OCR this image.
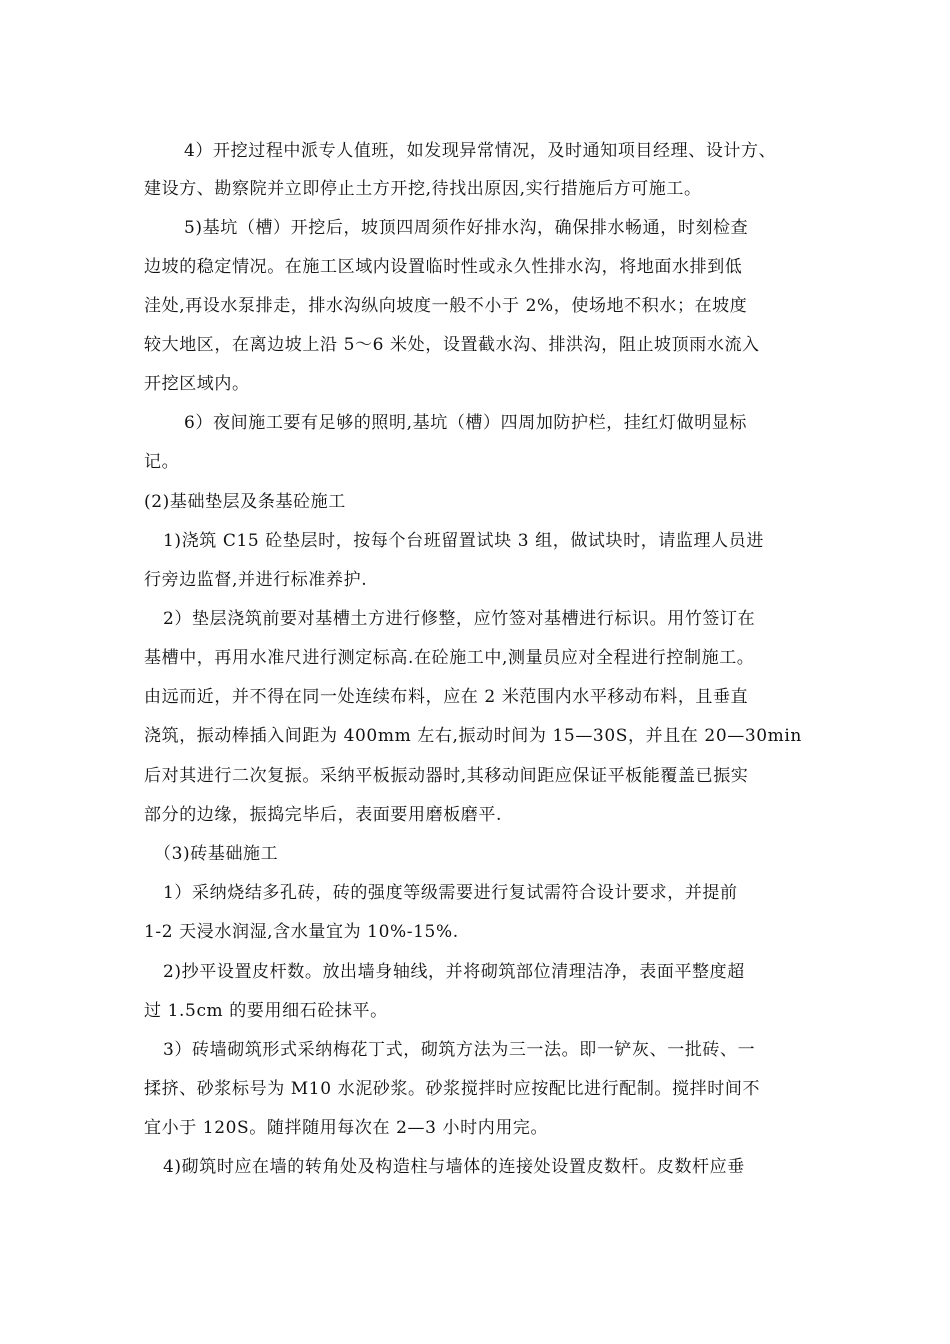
4）开挖过程中派专人值班，如发现异常情况，及时通知项目经理、设计方、
建设方、勘察院并立即停止土方开挖,待找出原因,实行措施后方可施工。
5)基坑（槽）开挖后，坡顶四周须作好排水沟，确保排水畅通，时刻检查
边坡的稳定情况。在施工区域内设置临时性或永久性排水沟，将地面水排到低
洼处,再设水泵排走，排水沟纵向坡度一般不小于 2%，使场地不积水；在坡度
较大地区，在离边坡上沿 5～6 米处，设置截水沟、排洪沟，阻止坡顶雨水流入
开挖区域内。
6）夜间施工要有足够的照明,基坑（槽）四周加防护栏，挂红灯做明显标
记。
(2)基础垫层及条基砼施工
1)浇筑 C15 砼垫层时，按每个台班留置试块 3 组，做试块时，请监理人员进
行旁边监督,并进行标准养护.
2）垫层浇筑前要对基槽土方进行修整，应竹签对基槽进行标识。用竹签订在
基槽中，再用水准尺进行测定标高.在砼施工中,测量员应对全程进行控制施工。
由远而近，并不得在同一处连续布料，应在 2 米范围内水平移动布料，且垂直
浇筑，振动棒插入间距为 400mm 左右,振动时间为 15—30S，并且在 20—30min
后对其进行二次复振。采纳平板振动器时,其移动间距应保证平板能覆盖已振实
部分的边缘，振捣完毕后，表面要用磨板磨平.
（3)砖基础施工
1）采纳烧结多孔砖，砖的强度等级需要进行复试需符合设计要求，并提前
1-2 天浸水润湿,含水量宜为 10%-15%.
2)抄平设置皮杆数。放出墙身轴线，并将砌筑部位清理洁净，表面平整度超
过 1.5cm 的要用细石砼抹平。
3）砖墙砌筑形式采纳梅花丁式，砌筑方法为三一法。即一铲灰、一批砖、一
揉挤、砂浆标号为 M10 水泥砂浆。砂浆搅拌时应按配比进行配制。搅拌时间不
宜小于 120S。随拌随用每次在 2—3 小时内用完。
4)砌筑时应在墙的转角处及构造柱与墙体的连接处设置皮数杆。皮数杆应垂
